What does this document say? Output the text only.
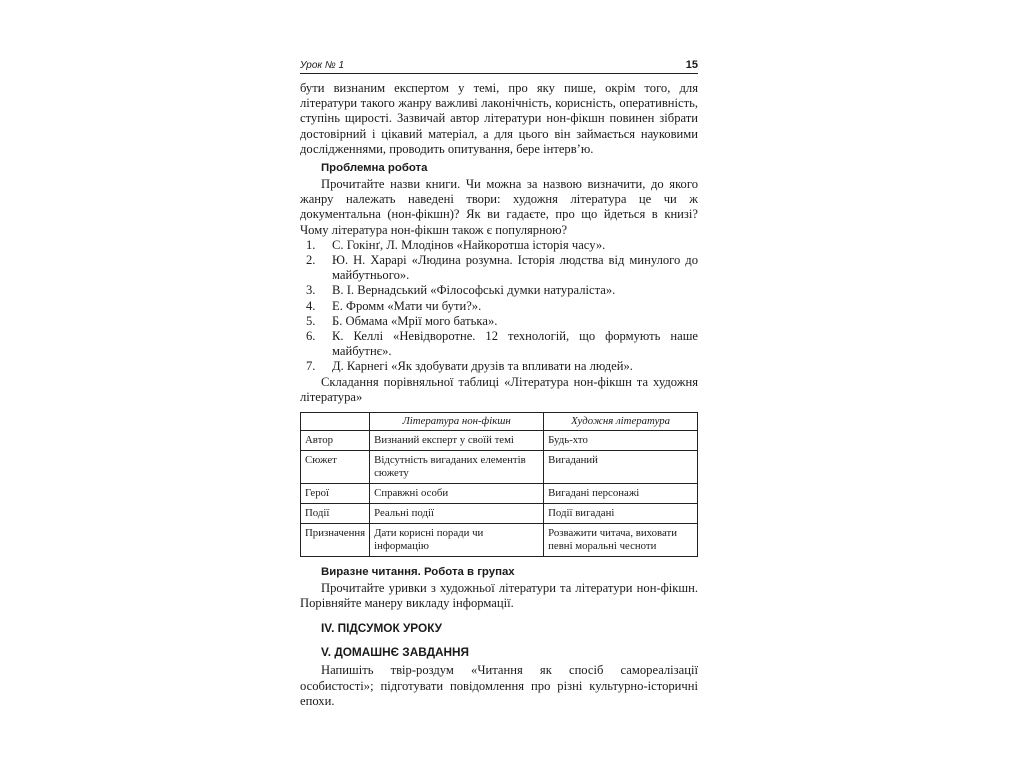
Урок № 1	15

бути визнаним експертом у темі, про яку пише, окрім того, для літератури такого жанру важливі лаконічність, корисність, оперативність, ступінь щирості. Зазвичай автор літератури нон-фікшн повинен зібрати достовірний і цікавий матеріал, а для цього він займається науковими дослідженнями, проводить опитування, бере інтерв’ю.

Проблемна робота

Прочитайте назви книги. Чи можна за назвою визначити, до якого жанру належать наведені твори: художня література це чи ж документальна (нон-фікшн)? Як ви гадаєте, про що йдеться в книзі? Чому література нон-фікшн також є популярною?

1.	С. Гокінґ, Л. Млодінов «Найкоротша історія часу».
2.	Ю. Н. Харарі «Людина розумна. Історія людства від минулого до майбутнього».
3.	В. І. Вернадський «Філософські думки натураліста».
4.	Е. Фромм «Мати чи бути?».
5.	Б. Обмама «Мрії мого батька».
6.	К. Келлі «Невідворотне. 12 технологій, що формують наше майбутнє».
7.	Д. Карнегі «Як здобувати друзів та впливати на людей».

Складання порівняльної таблиці «Література нон-фікшн та художня література»

	Література нон-фікшн	Художня література
Автор	Визнаний експерт у своїй темі	Будь-хто
Сюжет	Відсутність вигаданих елементів сюжету	Вигаданий
Герої	Справжні особи	Вигадані персонажі
Події	Реальні події	Події вигадані
Призначення	Дати корисні поради чи інформацію	Розважити читача, виховати певні моральні чесноти
Виразне читання. Робота в групах

Прочитайте уривки з художньої літератури та літератури нон-фікшн. Порівняйте манеру викладу інформації.

IV. ПІДСУМОК УРОКУ
V. ДОМАШНЄ ЗАВДАННЯ

Напишіть твір-роздум «Читання як спосіб самореалізації особистості»; підготувати повідомлення про різні культурно-історичні епохи.
